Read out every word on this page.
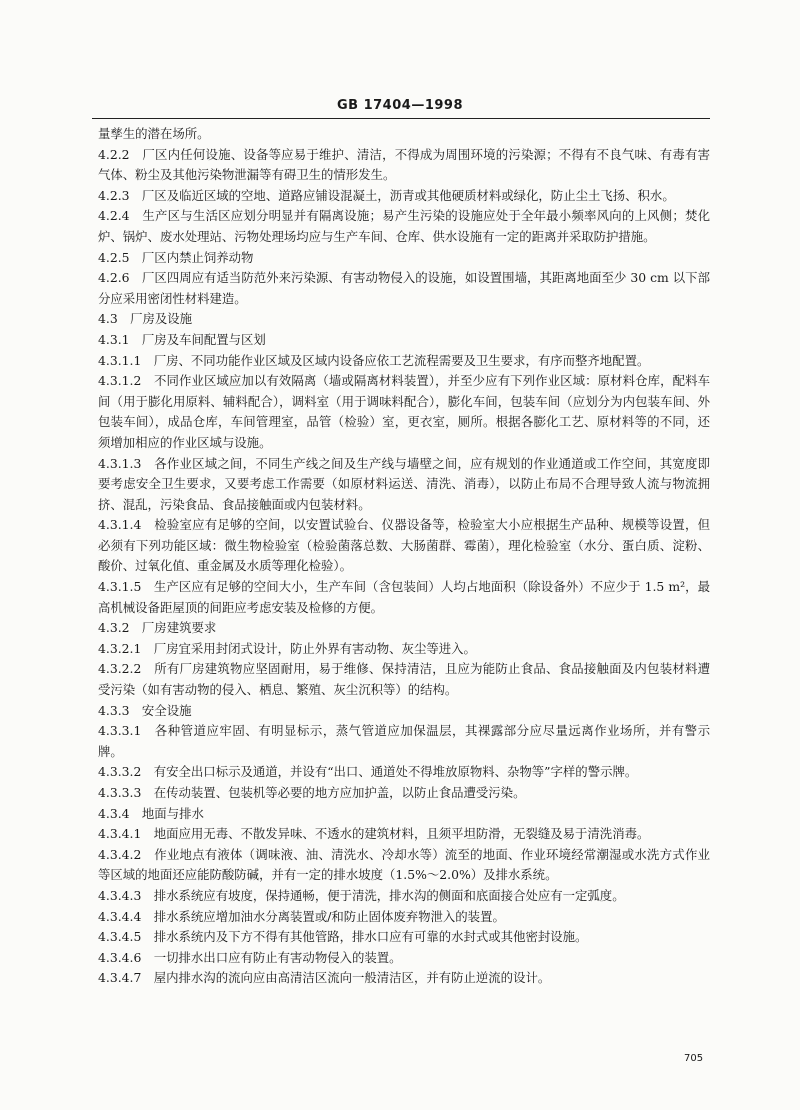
GB 17404—1998

量孳生的潜在场所。

4.2.2　厂区内任何设施、设备等应易于维护、清洁，不得成为周围环境的污染源；不得有不良气味、有毒有害气体、粉尘及其他污染物泄漏等有碍卫生的情形发生。

4.2.3　厂区及临近区域的空地、道路应铺设混凝土，沥青或其他硬质材料或绿化，防止尘土飞扬、积水。

4.2.4　生产区与生活区应划分明显并有隔离设施；易产生污染的设施应处于全年最小频率风向的上风侧；焚化炉、锅炉、废水处理站、污物处理场均应与生产车间、仓库、供水设施有一定的距离并采取防护措施。

4.2.5　厂区内禁止饲养动物

4.2.6　厂区四周应有适当防范外来污染源、有害动物侵入的设施，如设置围墙，其距离地面至少 30 cm 以下部分应采用密闭性材料建造。

4.3　厂房及设施

4.3.1　厂房及车间配置与区划

4.3.1.1　厂房、不同功能作业区域及区域内设备应依工艺流程需要及卫生要求，有序而整齐地配置。

4.3.1.2　不同作业区域应加以有效隔离（墙或隔离材料装置），并至少应有下列作业区域：原材料仓库，配料车间（用于膨化用原料、辅料配合），调料室（用于调味料配合），膨化车间，包装车间（应划分为内包装车间、外包装车间），成品仓库，车间管理室，品管（检验）室，更衣室，厕所。根据各膨化工艺、原材料等的不同，还须增加相应的作业区域与设施。

4.3.1.3　各作业区域之间，不同生产线之间及生产线与墙壁之间，应有规划的作业通道或工作空间，其宽度即要考虑安全卫生要求，又要考虑工作需要（如原材料运送、清洗、消毒），以防止布局不合理导致人流与物流拥挤、混乱，污染食品、食品接触面或内包装材料。

4.3.1.4　检验室应有足够的空间，以安置试验台、仪器设备等，检验室大小应根据生产品种、规模等设置，但必须有下列功能区域：微生物检验室（检验菌落总数、大肠菌群、霉菌），理化检验室（水分、蛋白质、淀粉、酸价、过氧化值、重金属及水质等理化检验）。

4.3.1.5　生产区应有足够的空间大小，生产车间（含包装间）人均占地面积（除设备外）不应少于 1.5 m²，最高机械设备距屋顶的间距应考虑安装及检修的方便。

4.3.2　厂房建筑要求

4.3.2.1　厂房宜采用封闭式设计，防止外界有害动物、灰尘等进入。

4.3.2.2　所有厂房建筑物应坚固耐用，易于维修、保持清洁，且应为能防止食品、食品接触面及内包装材料遭受污染（如有害动物的侵入、栖息、繁殖、灰尘沉积等）的结构。

4.3.3　安全设施

4.3.3.1　各种管道应牢固、有明显标示，蒸气管道应加保温层，其裸露部分应尽量远离作业场所，并有警示牌。

4.3.3.2　有安全出口标示及通道，并设有“出口、通道处不得堆放原物料、杂物等”字样的警示牌。

4.3.3.3　在传动装置、包装机等必要的地方应加护盖，以防止食品遭受污染。

4.3.4　地面与排水

4.3.4.1　地面应用无毒、不散发异味、不透水的建筑材料，且须平坦防滑，无裂缝及易于清洗消毒。

4.3.4.2　作业地点有液体（调味液、油、清洗水、冷却水等）流至的地面、作业环境经常潮湿或水洗方式作业等区域的地面还应能防酸防碱，并有一定的排水坡度（1.5%～2.0%）及排水系统。

4.3.4.3　排水系统应有坡度，保持通畅，便于清洗，排水沟的侧面和底面接合处应有一定弧度。

4.3.4.4　排水系统应增加油水分离装置或/和防止固体废弃物泄入的装置。

4.3.4.5　排水系统内及下方不得有其他管路，排水口应有可靠的水封式或其他密封设施。

4.3.4.6　一切排水出口应有防止有害动物侵入的装置。

4.3.4.7　屋内排水沟的流向应由高清洁区流向一般清洁区，并有防止逆流的设计。

705
